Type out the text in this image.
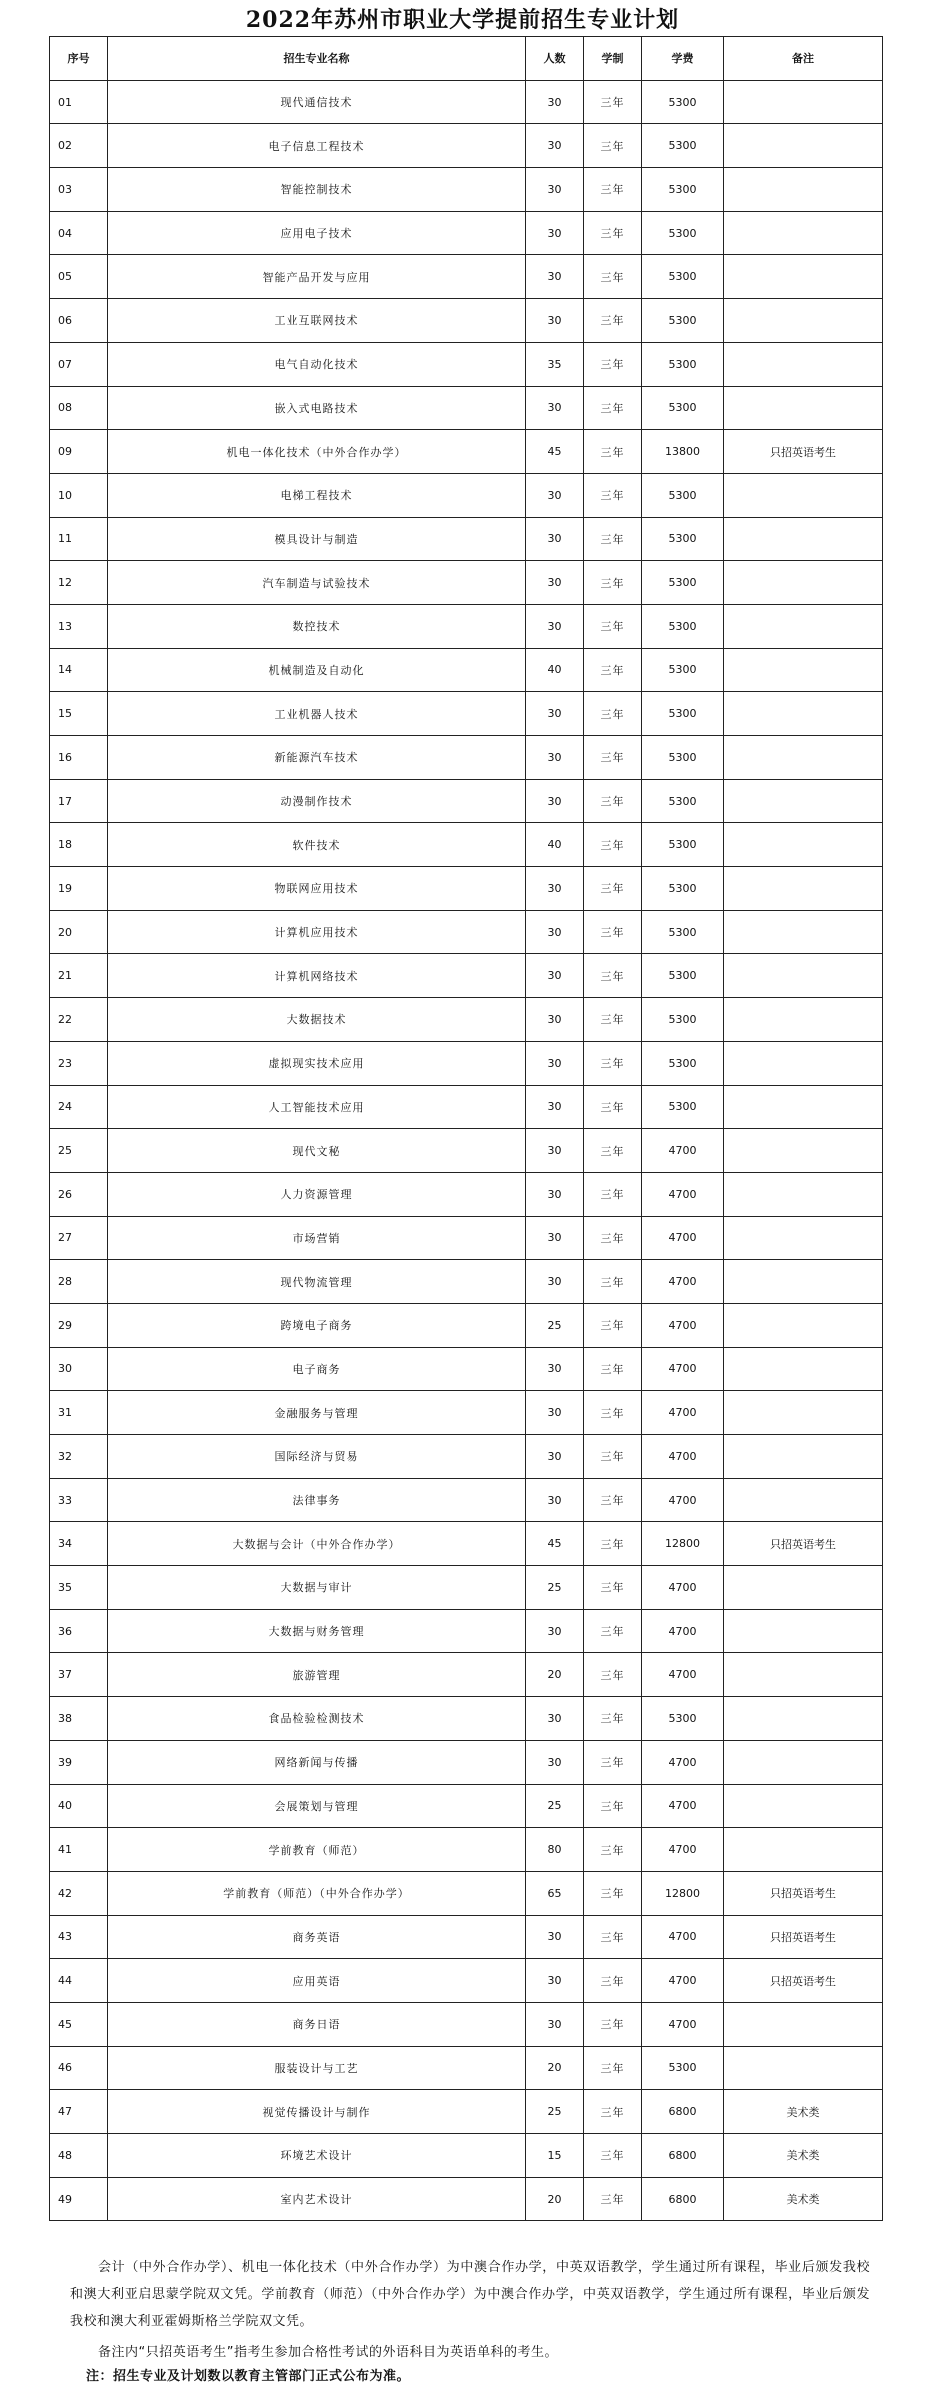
2022年苏州市职业大学提前招生专业计划
序号	招生专业名称	人数	学制	学费	备注
01	现代通信技术	30	三年	5300	
02	电子信息工程技术	30	三年	5300	
03	智能控制技术	30	三年	5300	
04	应用电子技术	30	三年	5300	
05	智能产品开发与应用	30	三年	5300	
06	工业互联网技术	30	三年	5300	
07	电气自动化技术	35	三年	5300	
08	嵌入式电路技术	30	三年	5300	
09	机电一体化技术（中外合作办学）	45	三年	13800	只招英语考生
10	电梯工程技术	30	三年	5300	
11	模具设计与制造	30	三年	5300	
12	汽车制造与试验技术	30	三年	5300	
13	数控技术	30	三年	5300	
14	机械制造及自动化	40	三年	5300	
15	工业机器人技术	30	三年	5300	
16	新能源汽车技术	30	三年	5300	
17	动漫制作技术	30	三年	5300	
18	软件技术	40	三年	5300	
19	物联网应用技术	30	三年	5300	
20	计算机应用技术	30	三年	5300	
21	计算机网络技术	30	三年	5300	
22	大数据技术	30	三年	5300	
23	虚拟现实技术应用	30	三年	5300	
24	人工智能技术应用	30	三年	5300	
25	现代文秘	30	三年	4700	
26	人力资源管理	30	三年	4700	
27	市场营销	30	三年	4700	
28	现代物流管理	30	三年	4700	
29	跨境电子商务	25	三年	4700	
30	电子商务	30	三年	4700	
31	金融服务与管理	30	三年	4700	
32	国际经济与贸易	30	三年	4700	
33	法律事务	30	三年	4700	
34	大数据与会计（中外合作办学）	45	三年	12800	只招英语考生
35	大数据与审计	25	三年	4700	
36	大数据与财务管理	30	三年	4700	
37	旅游管理	20	三年	4700	
38	食品检验检测技术	30	三年	5300	
39	网络新闻与传播	30	三年	4700	
40	会展策划与管理	25	三年	4700	
41	学前教育（师范）	80	三年	4700	
42	学前教育（师范）（中外合作办学）	65	三年	12800	只招英语考生
43	商务英语	30	三年	4700	只招英语考生
44	应用英语	30	三年	4700	只招英语考生
45	商务日语	30	三年	4700	
46	服装设计与工艺	20	三年	5300	
47	视觉传播设计与制作	25	三年	6800	美术类
48	环境艺术设计	15	三年	6800	美术类
49	室内艺术设计	20	三年	6800	美术类

会计（中外合作办学）、机电一体化技术（中外合作办学）为中澳合作办学，中英双语教学，学生通过所有课程，毕业后颁发我校和澳大利亚启思蒙学院双文凭。学前教育（师范）（中外合作办学）为中澳合作办学，中英双语教学，学生通过所有课程，毕业后颁发我校和澳大利亚霍姆斯格兰学院双文凭。

备注内“只招英语考生”指考生参加合格性考试的外语科目为英语单科的考生。

注：招生专业及计划数以教育主管部门正式公布为准。
